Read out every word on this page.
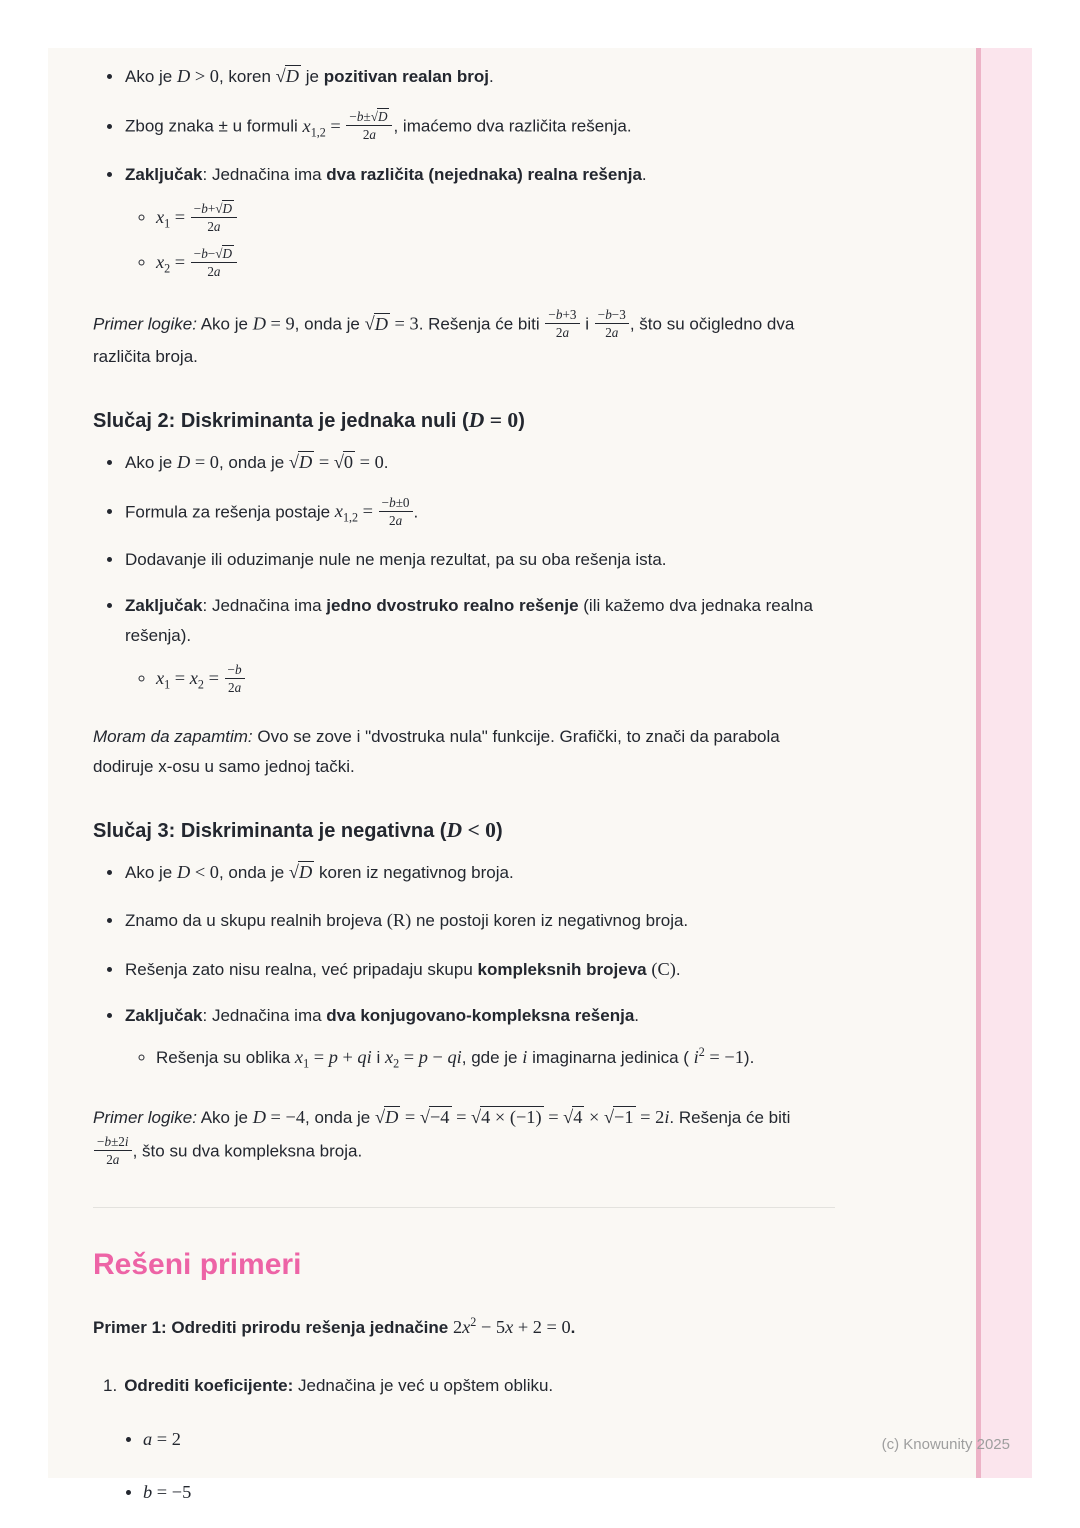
• Ako je D > 0, koren √D je pozitivan realan broj.
• Zbog znaka ± u formuli $x_{1,2} = \frac{-b\pm√D}{2a}$ , imaćemo dva različita rešenja.
• Zaključak: Jednačina ima dva različita (nejednaka) realna rešenja.
◦ $x_1 = \frac{-b+√D}{2a}$
◦ $x_2 = \frac{-b-√D}{2a}$

Primer logike: Ako je D = 9, onda je √D = 3. Rešenja će biti $\frac{-b+3}{2a}$ i $\frac{-b-3}{2a}$ , što su očigledno dva različita broja.

Slučaj 2: Diskriminanta je jednaka nuli (D = 0)
• Ako je D = 0, onda je √D = √0 = 0.
• Formula za rešenja postaje $x_{1,2} = \frac{-b\pm 0}{2a}$ .
• Dodavanje ili oduzimanje nule ne menja rezultat, pa su oba rešenja ista.
• Zaključak: Jednačina ima jedno dvostruko realno rešenje (ili kažemo dva jednaka realna rešenja).
◦ $x_1 = x_2 = \frac{-b}{2a}$

Moram da zapamtim: Ovo se zove i "dvostruka nula" funkcije. Grafički, to znači da parabola dodiruje x-osu u samo jednoj tački.

Slučaj 3: Diskriminanta je negativna (D < 0)
• Ako je D < 0, onda je √D koren iz negativnog broja.
• Znamo da u skupu realnih brojeva (R) ne postoji koren iz negativnog broja.
• Rešenja zato nisu realna, već pripadaju skupu kompleksnih brojeva (C).
• Zaključak: Jednačina ima dva konjugovano-kompleksna rešenja.
◦ Rešenja su oblika $x_1 = p$ + qi i $x_2 = p$ − qi, gde je i imaginarna jedinica ( $i^2 = -1$).

Primer logike: Ako je D = −4, onda je √D = √−4 = √4 × (−1) = √4 × √−1 = 2i. Rešenja će biti
$\frac{-b\pm 2i}{2a}$ , što su dva kompleksna broja.

Rešeni primeri

Primer 1: Odrediti prirodu rešenja jednačine $2x^2 - 5x + 2 = 0$.

1. Odrediti koeficijente: Jednačina je već u opštem obliku.
• a = 2
• b = −5
(c) Knowunity 2025
